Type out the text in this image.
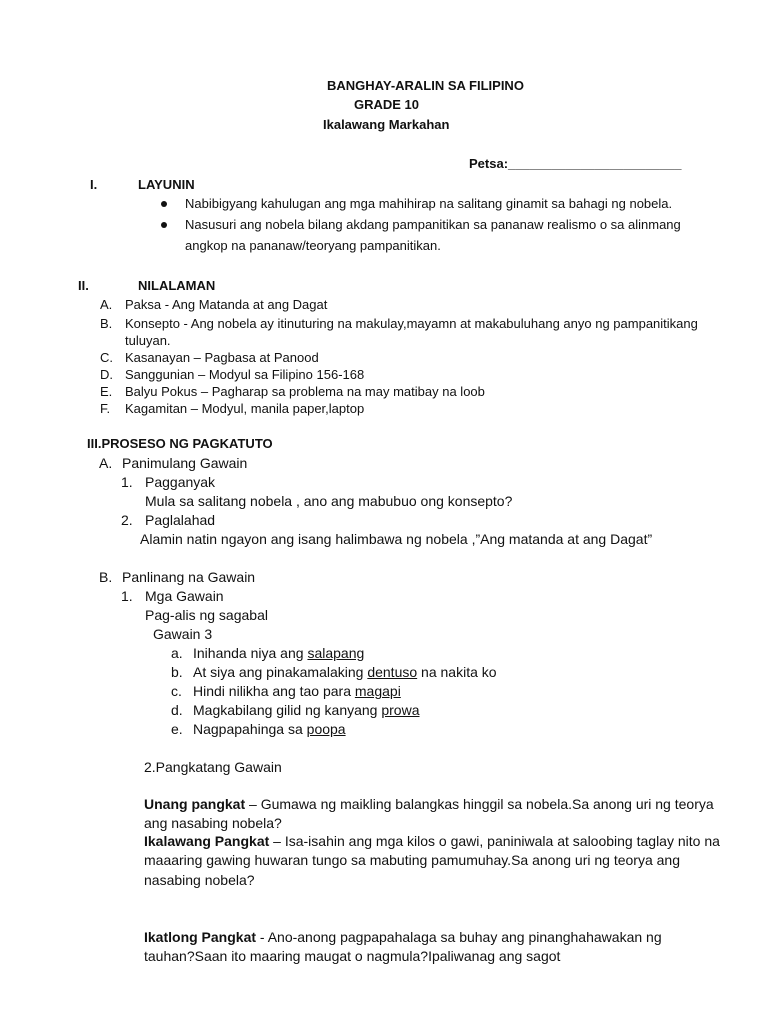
BANGHAY-ARALIN SA FILIPINO
GRADE 10
Ikalawang Markahan
Petsa:________________________
I.	LAYUNIN
Nabibigyang kahulugan ang mga mahihirap na salitang ginamit sa bahagi ng nobela.
Nasusuri ang nobela bilang akdang pampanitikan sa pananaw realismo o sa alinmang
angkop na pananaw/teoryang pampanitikan.
II.	NILALAMAN
A. Paksa - Ang Matanda at ang Dagat
B. Konsepto - Ang nobela ay itinuturing na makulay,mayamn at makabuluhang anyo ng pampanitikang
tuluyan.
C. Kasanayan – Pagbasa at Panood
D. Sanggunian – Modyul sa Filipino 156-168
E. Balyu Pokus – Pagharap sa problema na may matibay na loob
F. Kagamitan – Modyul, manila paper,laptop
III.PROSESO NG PAGKATUTO
A. Panimulang Gawain
1. Pagganyak
Mula sa salitang nobela , ano ang mabubuo ong konsepto?
2. Paglalahad
Alamin natin ngayon ang isang halimbawa ng nobela ,”Ang matanda at ang Dagat”
B. Panlinang na Gawain
1. Mga Gawain
Pag-alis ng sagabal
Gawain 3
a. Inihanda niya ang salapang
b. At siya ang pinakamalaking dentuso na nakita ko
c. Hindi nilikha ang tao para magapi
d. Magkabilang gilid ng kanyang prowa
e. Nagpapahinga sa poopa
2.Pangkatang Gawain
Unang pangkat – Gumawa ng maikling balangkas hinggil sa nobela.Sa anong uri ng teorya
ang nasabing nobela?
Ikalawang Pangkat – Isa-isahin ang mga kilos o gawi, paniniwala at saloobing taglay nito na
maaaring gawing huwaran tungo sa mabuting pamumuhay.Sa anong uri ng teorya ang
nasabing nobela?
Ikatlong Pangkat - Ano-anong pagpapahalaga sa buhay ang pinanghahawakan ng
tauhan?Saan ito maaring maugat o nagmula?Ipaliwanag ang sagot
